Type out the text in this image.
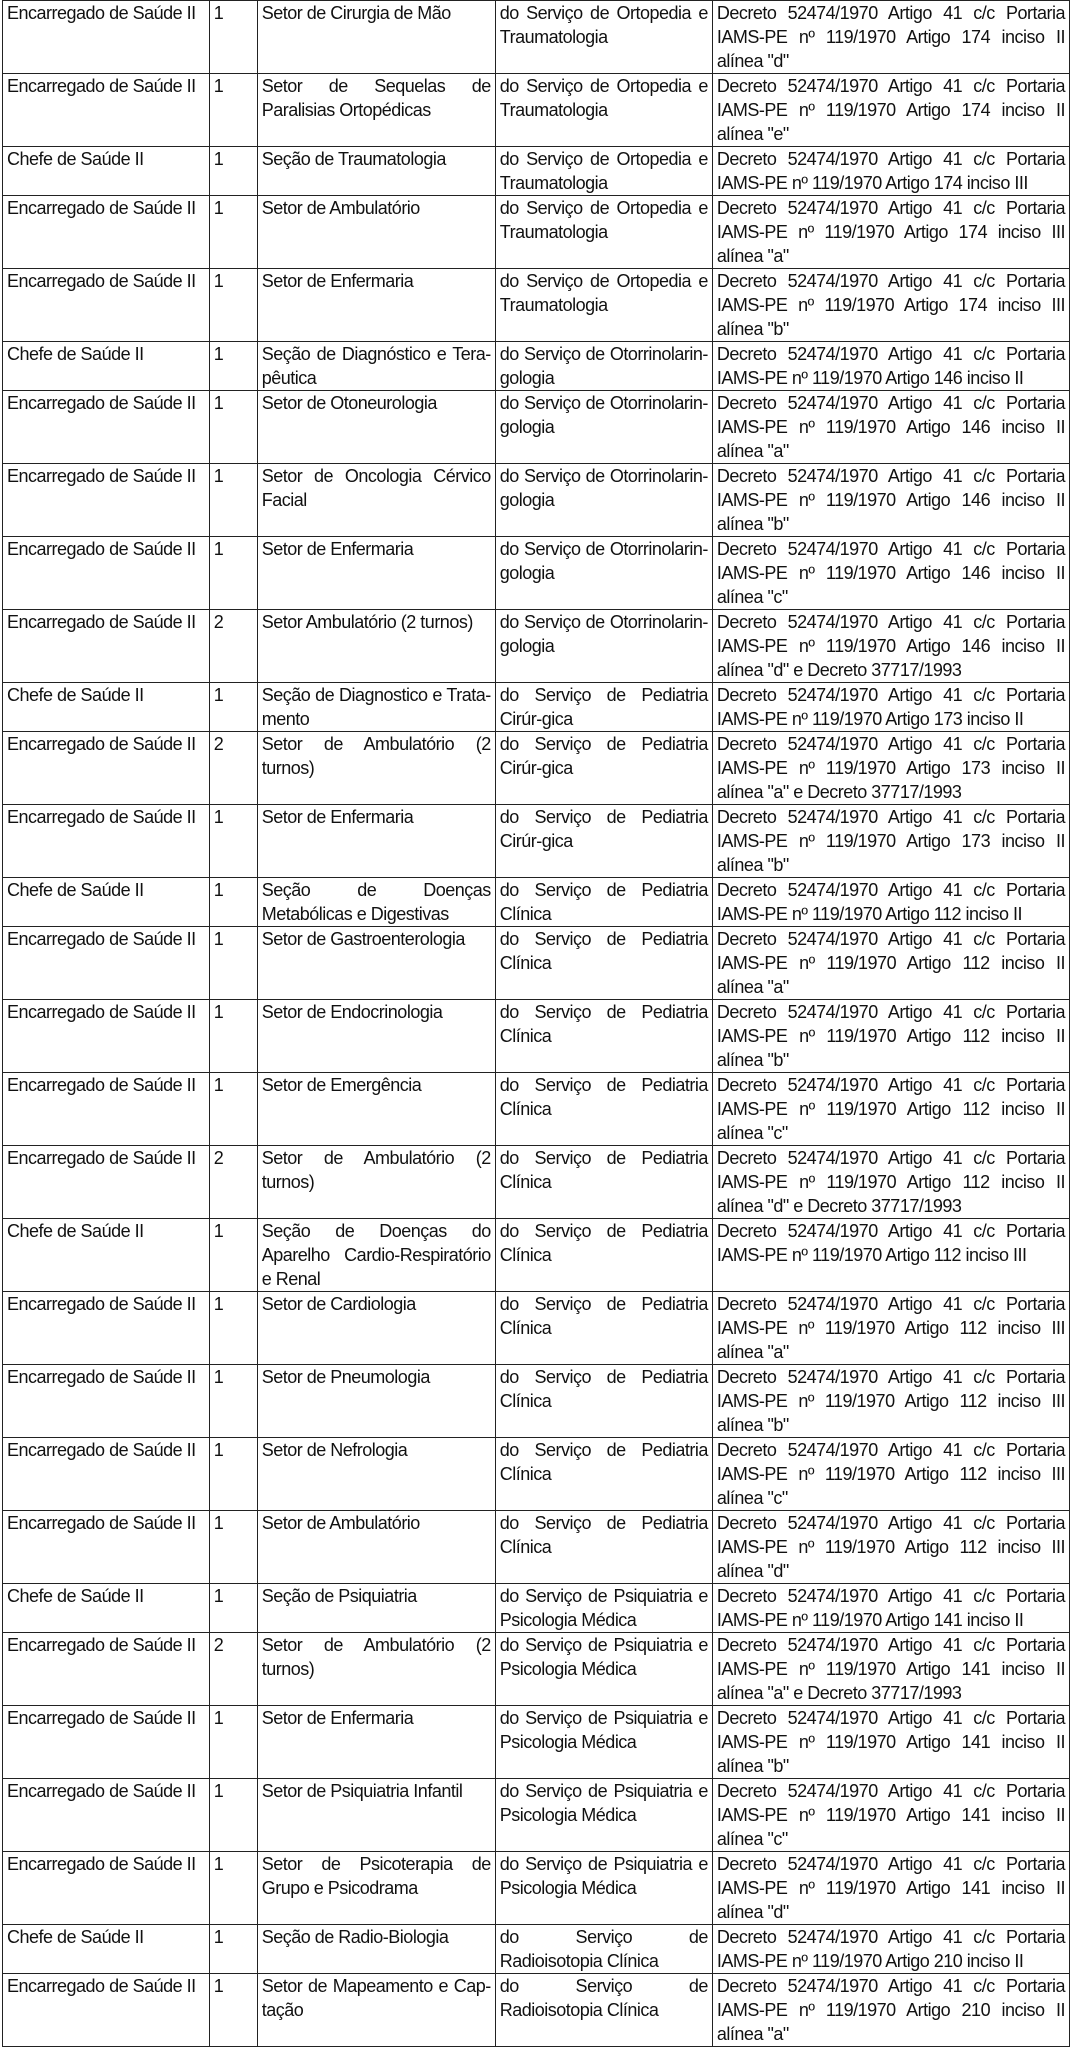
Encarregado de Saúde II	1	Setor de Cirurgia de Mão	do Serviço de Ortopedia e Traumatologia	Decreto 52474/1970 Artigo 41 c/c Portaria IAMS-PE nº 119/1970 Artigo 174 inciso II alínea "d"
Encarregado de Saúde II	1	Setor de Sequelas de Paralisias Ortopédicas	do Serviço de Ortopedia e Traumatologia	Decreto 52474/1970 Artigo 41 c/c Portaria IAMS-PE nº 119/1970 Artigo 174 inciso II alínea "e"
Chefe de Saúde II	1	Seção de Traumatologia	do Serviço de Ortopedia e Traumatologia	Decreto 52474/1970 Artigo 41 c/c Portaria IAMS-PE nº 119/1970 Artigo 174 inciso III
Encarregado de Saúde II	1	Setor de Ambulatório	do Serviço de Ortopedia e Traumatologia	Decreto 52474/1970 Artigo 41 c/c Portaria IAMS-PE nº 119/1970 Artigo 174 inciso III alínea "a"
Encarregado de Saúde II	1	Setor de Enfermaria	do Serviço de Ortopedia e Traumatologia	Decreto 52474/1970 Artigo 41 c/c Portaria IAMS-PE nº 119/1970 Artigo 174 inciso III alínea "b"
Chefe de Saúde II	1	Seção de Diagnóstico e Tera-pêutica	do Serviço de Otorrinolarin-gologia	Decreto 52474/1970 Artigo 41 c/c Portaria IAMS-PE nº 119/1970 Artigo 146 inciso II
Encarregado de Saúde II	1	Setor de Otoneurologia	do Serviço de Otorrinolarin-gologia	Decreto 52474/1970 Artigo 41 c/c Portaria IAMS-PE nº 119/1970 Artigo 146 inciso II alínea "a"
Encarregado de Saúde II	1	Setor de Oncologia Cérvico Facial	do Serviço de Otorrinolarin-gologia	Decreto 52474/1970 Artigo 41 c/c Portaria IAMS-PE nº 119/1970 Artigo 146 inciso II alínea "b"
Encarregado de Saúde II	1	Setor de Enfermaria	do Serviço de Otorrinolarin-gologia	Decreto 52474/1970 Artigo 41 c/c Portaria IAMS-PE nº 119/1970 Artigo 146 inciso II alínea "c"
Encarregado de Saúde II	2	Setor Ambulatório (2 turnos)	do Serviço de Otorrinolarin-gologia	Decreto 52474/1970 Artigo 41 c/c Portaria IAMS-PE nº 119/1970 Artigo 146 inciso II alínea "d" e Decreto 37717/1993
Chefe de Saúde II	1	Seção de Diagnostico e Trata-mento	do Serviço de Pediatria Cirúr-gica	Decreto 52474/1970 Artigo 41 c/c Portaria IAMS-PE nº 119/1970 Artigo 173 inciso II
Encarregado de Saúde II	2	Setor de Ambulatório (2 turnos)	do Serviço de Pediatria Cirúr-gica	Decreto 52474/1970 Artigo 41 c/c Portaria IAMS-PE nº 119/1970 Artigo 173 inciso II alínea "a" e Decreto 37717/1993
Encarregado de Saúde II	1	Setor de Enfermaria	do Serviço de Pediatria Cirúr-gica	Decreto 52474/1970 Artigo 41 c/c Portaria IAMS-PE nº 119/1970 Artigo 173 inciso II alínea "b"
Chefe de Saúde II	1	Seção de Doenças Metabólicas e Digestivas	do Serviço de Pediatria Clínica	Decreto 52474/1970 Artigo 41 c/c Portaria IAMS-PE nº 119/1970 Artigo 112 inciso II
Encarregado de Saúde II	1	Setor de Gastroenterologia	do Serviço de Pediatria Clínica	Decreto 52474/1970 Artigo 41 c/c Portaria IAMS-PE nº 119/1970 Artigo 112 inciso II alínea "a"
Encarregado de Saúde II	1	Setor de Endocrinologia	do Serviço de Pediatria Clínica	Decreto 52474/1970 Artigo 41 c/c Portaria IAMS-PE nº 119/1970 Artigo 112 inciso II alínea "b"
Encarregado de Saúde II	1	Setor de Emergência	do Serviço de Pediatria Clínica	Decreto 52474/1970 Artigo 41 c/c Portaria IAMS-PE nº 119/1970 Artigo 112 inciso II alínea "c"
Encarregado de Saúde II	2	Setor de Ambulatório (2 turnos)	do Serviço de Pediatria Clínica	Decreto 52474/1970 Artigo 41 c/c Portaria IAMS-PE nº 119/1970 Artigo 112 inciso II alínea "d" e Decreto 37717/1993
Chefe de Saúde II	1	Seção de Doenças do Aparelho Cardio-Respiratório e Renal	do Serviço de Pediatria Clínica	Decreto 52474/1970 Artigo 41 c/c Portaria IAMS-PE nº 119/1970 Artigo 112 inciso III
Encarregado de Saúde II	1	Setor de Cardiologia	do Serviço de Pediatria Clínica	Decreto 52474/1970 Artigo 41 c/c Portaria IAMS-PE nº 119/1970 Artigo 112 inciso III alínea "a"
Encarregado de Saúde II	1	Setor de Pneumologia	do Serviço de Pediatria Clínica	Decreto 52474/1970 Artigo 41 c/c Portaria IAMS-PE nº 119/1970 Artigo 112 inciso III alínea "b"
Encarregado de Saúde II	1	Setor de Nefrologia	do Serviço de Pediatria Clínica	Decreto 52474/1970 Artigo 41 c/c Portaria IAMS-PE nº 119/1970 Artigo 112 inciso III alínea "c"
Encarregado de Saúde II	1	Setor de Ambulatório	do Serviço de Pediatria Clínica	Decreto 52474/1970 Artigo 41 c/c Portaria IAMS-PE nº 119/1970 Artigo 112 inciso III alínea "d"
Chefe de Saúde II	1	Seção de Psiquiatria	do Serviço de Psiquiatria e Psicologia Médica	Decreto 52474/1970 Artigo 41 c/c Portaria IAMS-PE nº 119/1970 Artigo 141 inciso II
Encarregado de Saúde II	2	Setor de Ambulatório (2 turnos)	do Serviço de Psiquiatria e Psicologia Médica	Decreto 52474/1970 Artigo 41 c/c Portaria IAMS-PE nº 119/1970 Artigo 141 inciso II alínea "a" e Decreto 37717/1993
Encarregado de Saúde II	1	Setor de Enfermaria	do Serviço de Psiquiatria e Psicologia Médica	Decreto 52474/1970 Artigo 41 c/c Portaria IAMS-PE nº 119/1970 Artigo 141 inciso II alínea "b"
Encarregado de Saúde II	1	Setor de Psiquiatria Infantil	do Serviço de Psiquiatria e Psicologia Médica	Decreto 52474/1970 Artigo 41 c/c Portaria IAMS-PE nº 119/1970 Artigo 141 inciso II alínea "c"
Encarregado de Saúde II	1	Setor de Psicoterapia de Grupo e Psicodrama	do Serviço de Psiquiatria e Psicologia Médica	Decreto 52474/1970 Artigo 41 c/c Portaria IAMS-PE nº 119/1970 Artigo 141 inciso II alínea "d"
Chefe de Saúde II	1	Seção de Radio-Biologia	do Serviço de Radioisotopia Clínica	Decreto 52474/1970 Artigo 41 c/c Portaria IAMS-PE nº 119/1970 Artigo 210 inciso II
Encarregado de Saúde II	1	Setor de Mapeamento e Cap-tação	do Serviço de Radioisotopia Clínica	Decreto 52474/1970 Artigo 41 c/c Portaria IAMS-PE nº 119/1970 Artigo 210 inciso II alínea "a"
